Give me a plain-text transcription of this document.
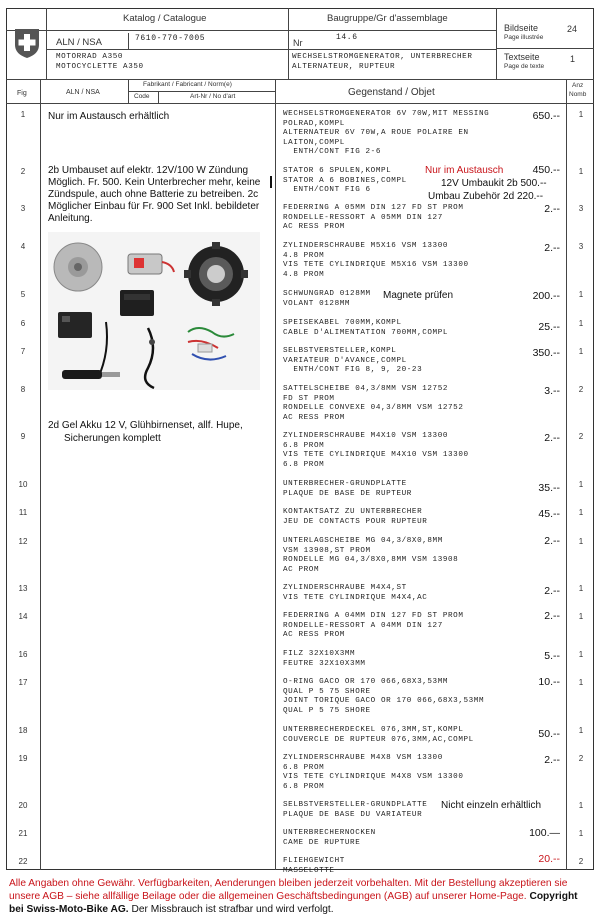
Katalog / Catalogue
ALN / NSA	7610-770-7005
MOTORRAD A350
MOTOCYCLETTE A350
Baugruppe/Gr d'assemblage
Nr
14.6
WECHSELSTROMGENERATOR, UNTERBRECHER
ALTERNATEUR, RUPTEUR
Bildseite
Page illustrée
24
Textseite
Page de texte
1
Fig	ALN / NSA
Fabrikant / Fabricant / Norm(e)
Code	Art-Nr / No d'art	Gegenstand / Objet
Anz
Nomb
1	WECHSELSTROMGENERATOR 6V 70W,MIT MESSING
POLRAD,KOMPL
ALTERNATEUR 6V 70W,A ROUE POLAIRE EN
LAITON,COMPL
ENTH/CONT FIG 2-6
650.--	1
2	STATOR 6 SPULEN,KOMPL
STATOR A 6 BOBINES,COMPL
ENTH/CONT FIG 6
450.--	1
3	FEDERRING A 05MM DIN 127 FD ST PROM
RONDELLE-RESSORT A 05MM DIN 127
AC RESS PROM
2.--	3
4	ZYLINDERSCHRAUBE M5X16 VSM 13300
4.8 PROM
VIS TETE CYLINDRIQUE M5X16 VSM 13300
4.8 PROM
2.--	3
5	SCHWUNGRAD 0128MM
VOLANT 0128MM
200.--	1
6	SPEISEKABEL 700MM,KOMPL
CABLE D'ALIMENTATION 700MM,COMPL	25.--	1
7	SELBSTVERSTELLER,KOMPL
VARIATEUR D'AVANCE,COMPL
ENTH/CONT FIG 8, 9, 20-23
350.--	1
8	SATTELSCHEIBE 04,3/8MM VSM 12752
FD ST PROM
RONDELLE CONVEXE 04,3/8MM VSM 12752
AC RESS PROM
3.--	2
9	ZYLINDERSCHRAUBE M4X10 VSM 13300
6.8 PROM
VIS TETE CYLINDRIQUE M4X10 VSM 13300
6.8 PROM
2.--	2
10	UNTERBRECHER-GRUNDPLATTE
PLAQUE DE BASE DE RUPTEUR	35.--	1
11	KONTAKTSATZ ZU UNTERBRECHER
JEU DE CONTACTS POUR RUPTEUR
45.--	1
12	UNTERLAGSCHEIBE MG 04,3/8X0,8MM
VSM 13908,ST PROM
RONDELLE MG 04,3/8X0,8MM VSM 13908
AC PROM
2.--	1
13	ZYLINDERSCHRAUBE M4X4,ST
VIS TETE CYLINDRIQUE M4X4,AC
2.--	1
14	FEDERRING A 04MM DIN 127 FD ST PROM
RONDELLE-RESSORT A 04MM DIN 127
AC RESS PROM
2.--	1
16	FILZ 32X10X3MM
FEUTRE 32X10X3MM
5.--	1
17	O-RING GACO OR 170 066,68X3,53MM
QUAL P 5 75 SHORE
JOINT TORIQUE GACO OR 170 066,68X3,53MM
QUAL P 5 75 SHORE
10.--	1
18	UNTERBRECHERDECKEL 076,3MM,ST,KOMPL
COUVERCLE DE RUPTEUR 076,3MM,AC,COMPL	50.--	1
19	ZYLINDERSCHRAUBE M4X8 VSM 13300
6.8 PROM
VIS TETE CYLINDRIQUE M4X8 VSM 13300
6.8 PROM
2.--	2
20	SELBSTVERSTELLER-GRUNDPLATTE
PLAQUE DE BASE DU VARIATEUR
1
21	UNTERBRECHERNOCKEN
CAME DE RUPTURE
100.—	1
22	FLIEHGEWICHT
MASSELOTTE
20.--	2
Nur im Austausch erhältlich
2b Umbauset auf elektr. 12V/100 W Zündung Möglich. Fr. 500. Kein Unterbrecher mehr, keine Zündspule, auch ohne Batterie zu betreiben. 2c Möglicher Einbau für Fr. 900 Set Inkl. bebildeter Anleitung.
Nur im Austausch
12V Umbaukit 2b 500.--
Umbau Zubehör 2d 220.--
Magnete prüfen
2d Gel Akku 12 V, Glühbirnenset, allf. Hupe,
Sicherungen komplett
Nicht einzeln erhältlich
Alle Angaben ohne Gewähr. Verfügbarkeiten, Aenderungen bleiben jederzeit vorbehalten. Mit der Bestellung akzeptieren sie unsere AGB – siehe allfällige Beilage oder die allgemeinen Geschäftsbedingungen (AGB) auf unserer Home-Page. Copyright bei Swiss-Moto-Bike AG. Der Missbrauch ist strafbar und wird verfolgt.
